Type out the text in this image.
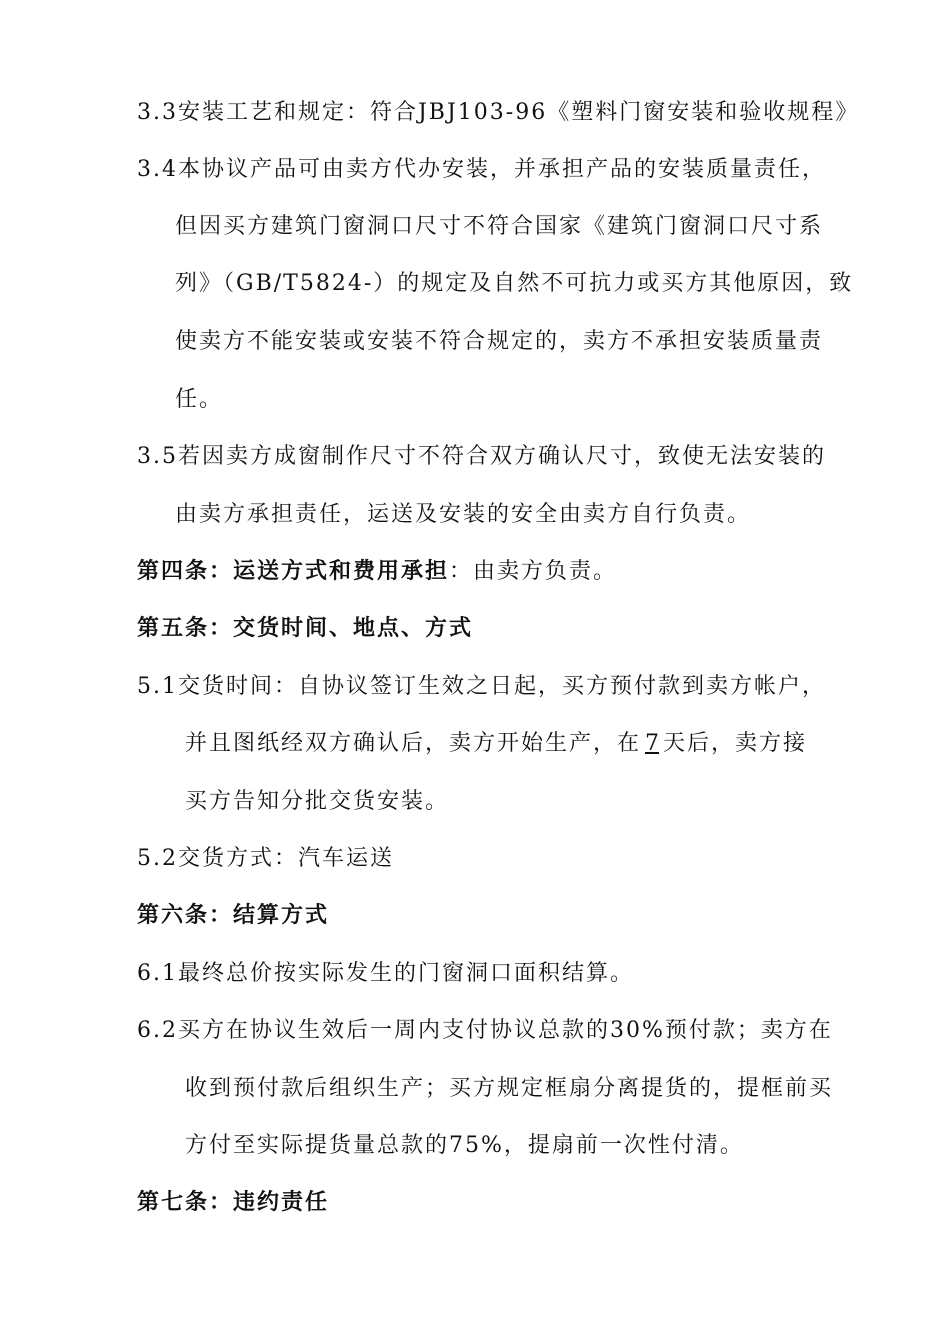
3.3安装工艺和规定：符合JBJ103-96《塑料门窗安装和验收规程》
3.4本协议产品可由卖方代办安装，并承担产品的安装质量责任，
但因买方建筑门窗洞口尺寸不符合国家《建筑门窗洞口尺寸系
列》（GB/T5824-）的规定及自然不可抗力或买方其他原因，致
使卖方不能安装或安装不符合规定的，卖方不承担安装质量责
任。
3.5若因卖方成窗制作尺寸不符合双方确认尺寸，致使无法安装的
由卖方承担责任，运送及安装的安全由卖方自行负责。
第四条：运送方式和费用承担：由卖方负责。
第五条：交货时间、地点、方式
5.1交货时间：自协议签订生效之日起，买方预付款到卖方帐户，
并且图纸经双方确认后，卖方开始生产，在7天后，卖方接
买方告知分批交货安装。
5.2交货方式：汽车运送
第六条：结算方式
6.1最终总价按实际发生的门窗洞口面积结算。
6.2买方在协议生效后一周内支付协议总款的30%预付款；卖方在
收到预付款后组织生产；买方规定框扇分离提货的，提框前买
方付至实际提货量总款的75%，提扇前一次性付清。
第七条：违约责任
